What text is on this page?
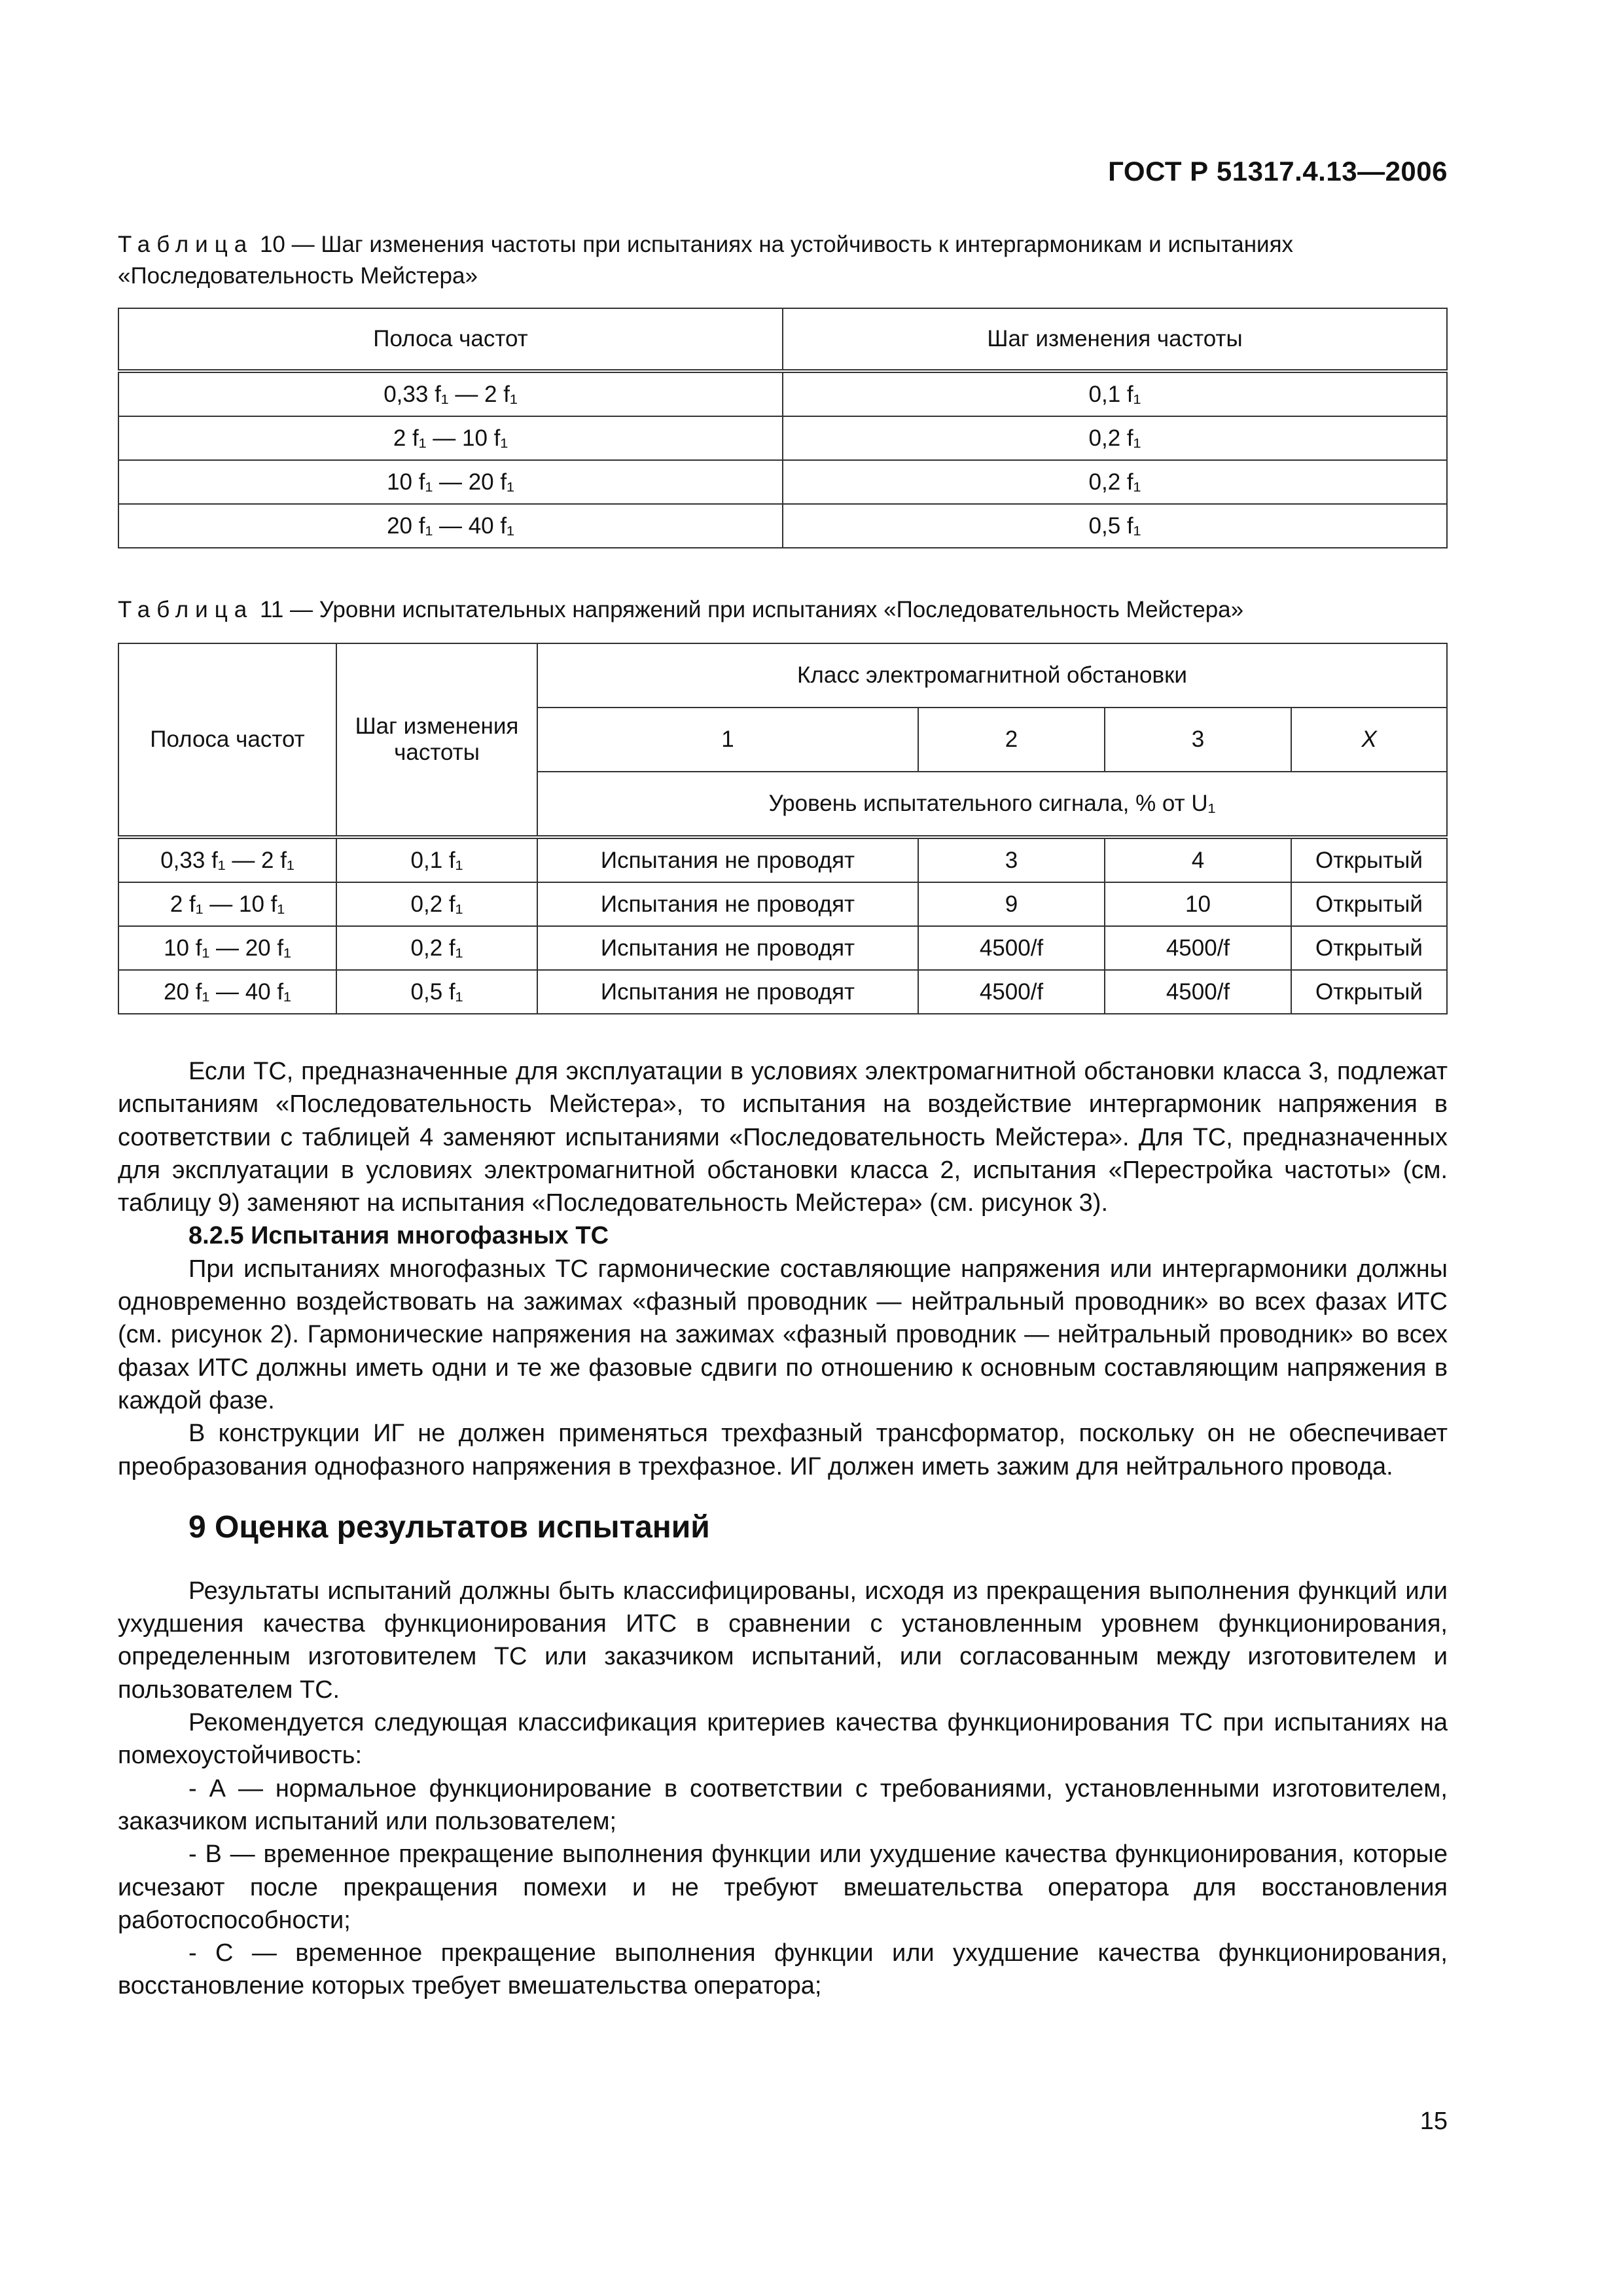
ГОСТ Р 51317.4.13—2006
Таблица 10 — Шаг изменения частоты при испытаниях на устойчивость к интергармоникам и испытаниях «Последовательность Мейстера»
Полоса частот	Шаг изменения частоты
0,33 f₁ — 2 f₁	0,1 f₁
2 f₁ — 10 f₁	0,2 f₁
10 f₁ — 20 f₁	0,2 f₁
20 f₁ — 40 f₁	0,5 f₁
Таблица 11 — Уровни испытательных напряжений при испытаниях «Последовательность Мейстера»
Полоса частот	Шаг изменения частоты	Класс электромагнитной обстановки			
		1	2	3	X
		Уровень испытательного сигнала, % от U₁			
0,33 f₁ — 2 f₁	0,1 f₁	Испытания не проводят	3	4	Открытый
2 f₁ — 10 f₁	0,2 f₁	Испытания не проводят	9	10	Открытый
10 f₁ — 20 f₁	0,2 f₁	Испытания не проводят	4500/f	4500/f	Открытый
20 f₁ — 40 f₁	0,5 f₁	Испытания не проводят	4500/f	4500/f	Открытый

Если ТС, предназначенные для эксплуатации в условиях электромагнитной обстановки класса 3, подлежат испытаниям «Последовательность Мейстера», то испытания на воздействие интергармоник напряжения в соответствии с таблицей 4 заменяют испытаниями «Последовательность Мейстера». Для ТС, предназначенных для эксплуатации в условиях электромагнитной обстановки класса 2, испытания «Перестройка частоты» (см. таблицу 9) заменяют на испытания «Последовательность Мейстера» (см. рисунок 3).

8.2.5 Испытания многофазных ТС

При испытаниях многофазных ТС гармонические составляющие напряжения или интергармоники должны одновременно воздействовать на зажимах «фазный проводник — нейтральный проводник» во всех фазах ИТС (см. рисунок 2). Гармонические напряжения на зажимах «фазный проводник — нейтральный проводник» во всех фазах ИТС должны иметь одни и те же фазовые сдвиги по отношению к основным составляющим напряжения в каждой фазе.

В конструкции ИГ не должен применяться трехфазный трансформатор, поскольку он не обеспечивает преобразования однофазного напряжения в трехфазное. ИГ должен иметь зажим для нейтрального провода.

9 Оценка результатов испытаний

Результаты испытаний должны быть классифицированы, исходя из прекращения выполнения функций или ухудшения качества функционирования ИТС в сравнении с установленным уровнем функционирования, определенным изготовителем ТС или заказчиком испытаний, или согласованным между изготовителем и пользователем ТС.

Рекомендуется следующая классификация критериев качества функционирования ТС при испытаниях на помехоустойчивость:

- А — нормальное функционирование в соответствии с требованиями, установленными изготовителем, заказчиком испытаний или пользователем;

- В — временное прекращение выполнения функции или ухудшение качества функционирования, которые исчезают после прекращения помехи и не требуют вмешательства оператора для восстановления работоспособности;

- С — временное прекращение выполнения функции или ухудшение качества функционирования, восстановление которых требует вмешательства оператора;

15
